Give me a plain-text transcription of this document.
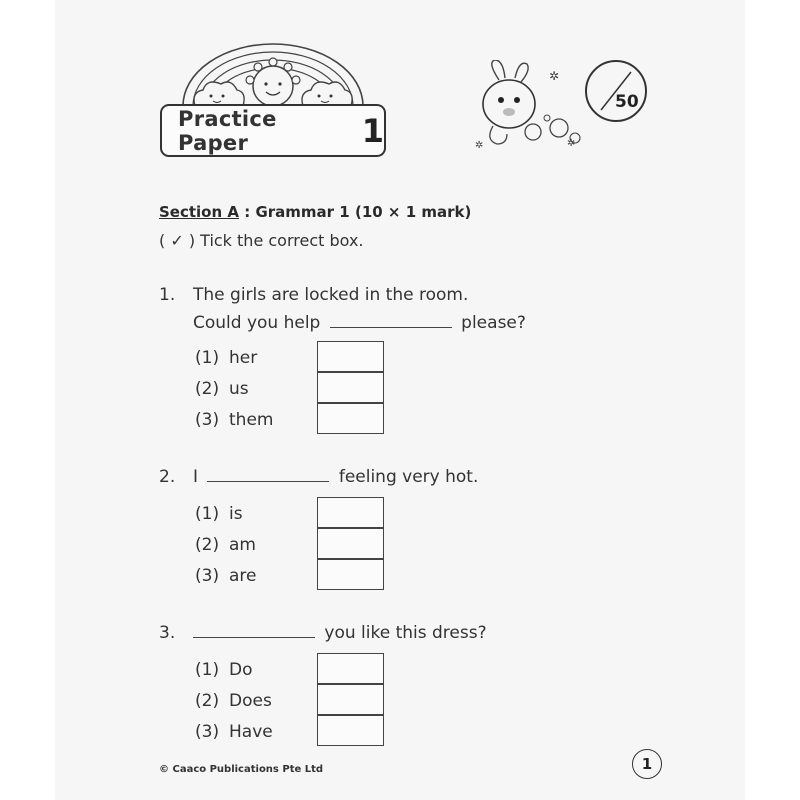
Practice Paper	1
✲
✲	✲
50
Section A : Grammar 1 (10 × 1 mark)
( ✓ ) Tick the correct box.
1. The girls are locked in the room.
Could you help	please?
(1) her
(2) us
(3) them
2. I	feeling very hot.
(1) is
(2) am
(3) are
3.	you like this dress?
(1) Do
(2) Does
(3) Have
© Caaco Publications Pte Ltd	1
